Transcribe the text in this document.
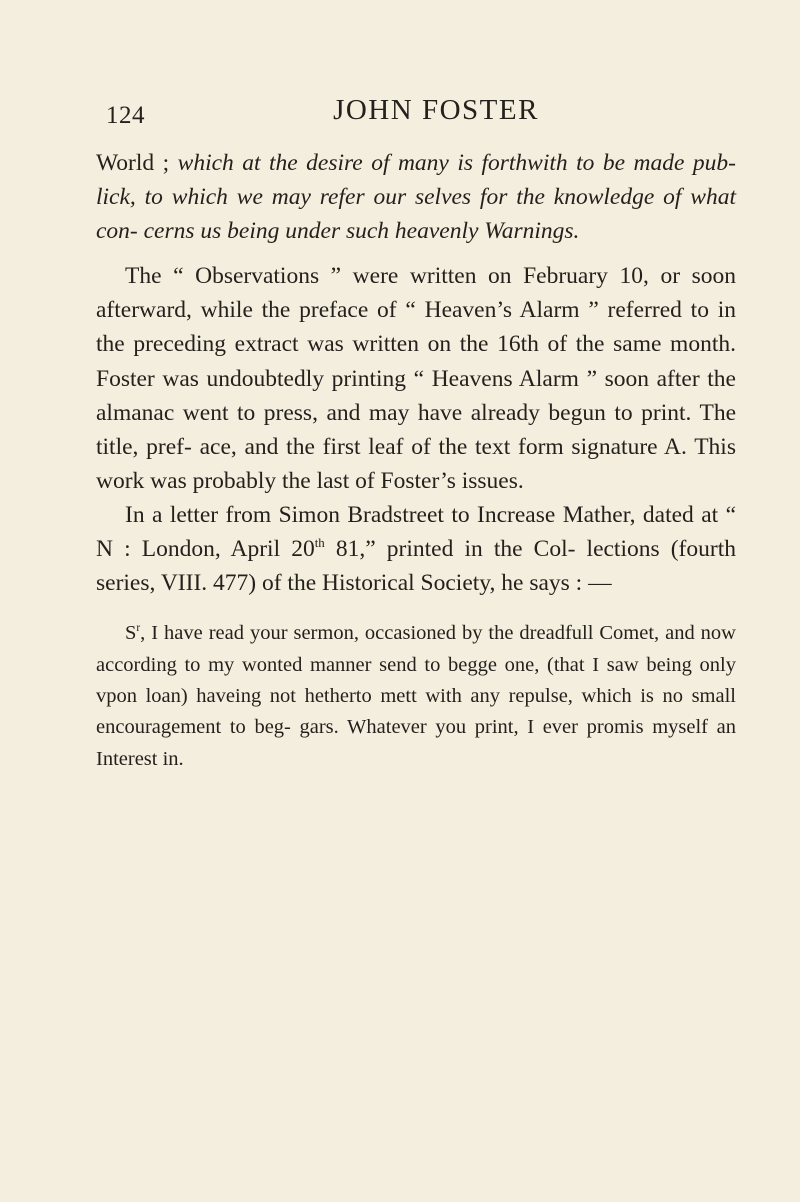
124	JOHN FOSTER

World ; which at the desire of many is forthwith to be made pub- lick, to which we may refer our selves for the knowledge of what con- cerns us being under such heavenly Warnings.

The “ Observations ” were written on February 10, or soon afterward, while the preface of “ Heaven’s Alarm ” referred to in the preceding extract was written on the 16th of the same month. Foster was undoubtedly printing “ Heavens Alarm ” soon after the almanac went to press, and may have already begun to print. The title, pref- ace, and the first leaf of the text form signature A. This work was probably the last of Foster’s issues.

In a letter from Simon Bradstreet to Increase Mather, dated at “ N : London, April 20th 81,” printed in the Col- lections (fourth series, VIII. 477) of the Historical Society, he says : —

$S^r$, I have read your sermon, occasioned by the dreadfull Comet, and now according to my wonted manner send to begge one, (that I saw being only vpon loan) haveing not hetherto mett with any repulse, which is no small encouragement to beg- gars. Whatever you print, I ever promis myself an Interest in.
